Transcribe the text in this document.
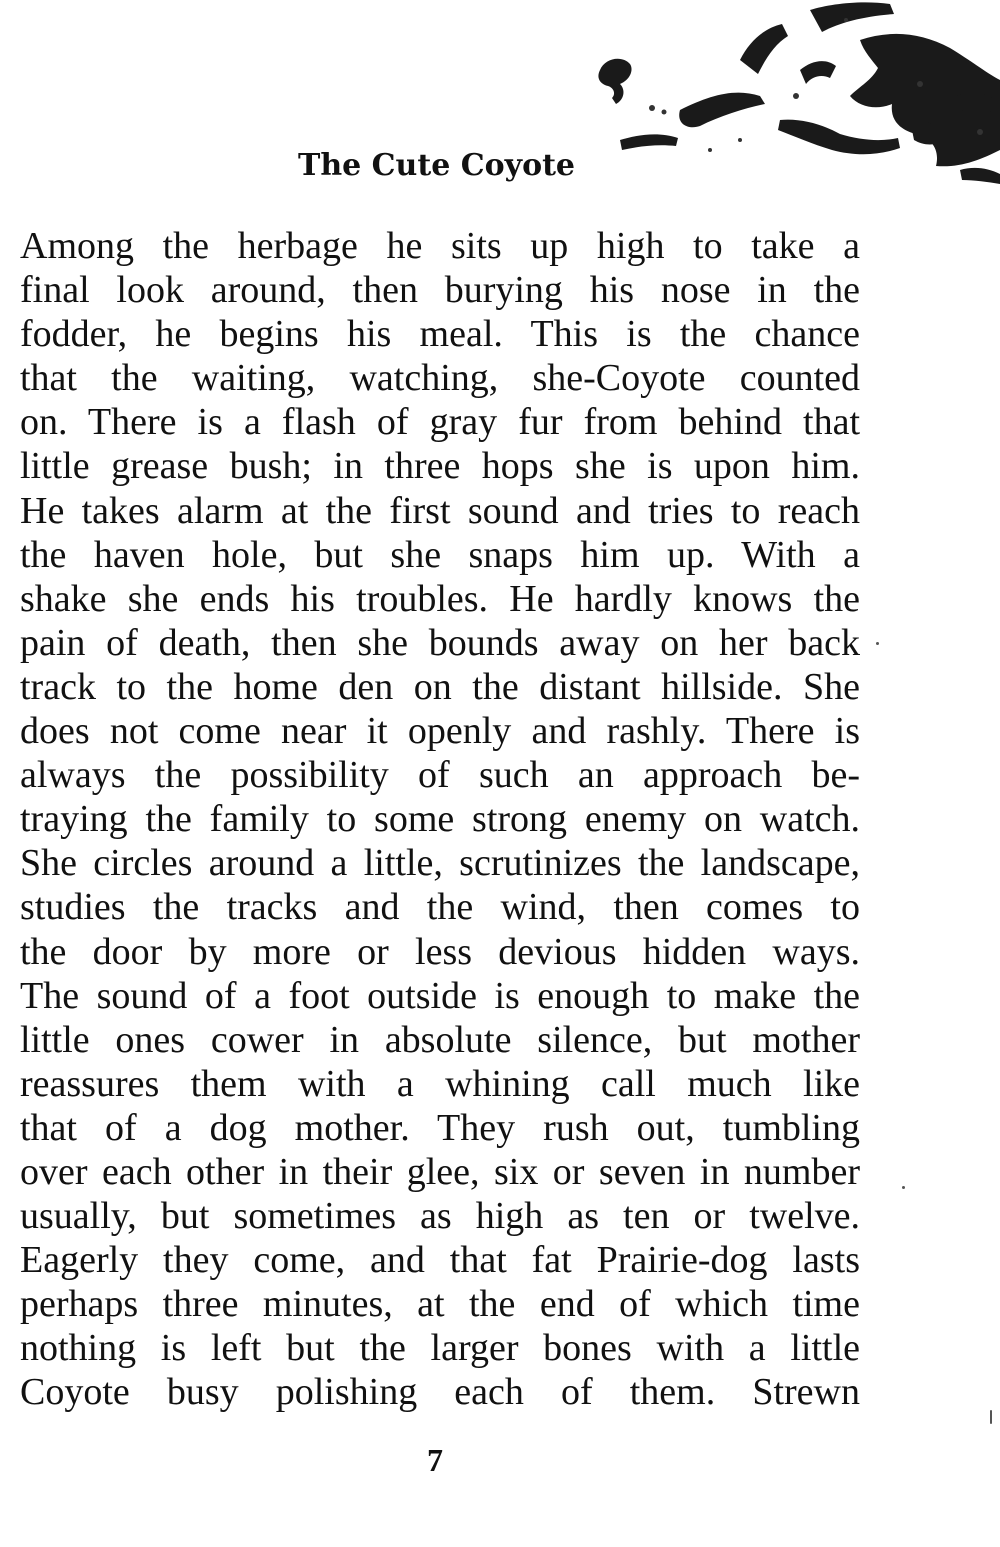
The Cute Coyote
Among the herbage he sits up high to take a
final look around, then burying his nose in the
fodder, he begins his meal. This is the chance
that the waiting, watching, she-Coyote counted
on. There is a flash of gray fur from behind that
little grease bush; in three hops she is upon him.
He takes alarm at the first sound and tries to reach
the haven hole, but she snaps him up. With a
shake she ends his troubles. He hardly knows the
pain of death, then she bounds away on her back
track to the home den on the distant hillside. She
does not come near it openly and rashly. There is
always the possibility of such an approach be-
traying the family to some strong enemy on watch.
She circles around a little, scrutinizes the landscape,
studies the tracks and the wind, then comes to
the door by more or less devious hidden ways.
The sound of a foot outside is enough to make the
little ones cower in absolute silence, but mother
reassures them with a whining call much like
that of a dog mother. They rush out, tumbling
over each other in their glee, six or seven in number
usually, but sometimes as high as ten or twelve.
Eagerly they come, and that fat Prairie-dog lasts
perhaps three minutes, at the end of which time
nothing is left but the larger bones with a little
Coyote busy polishing each of them. Strewn
7
